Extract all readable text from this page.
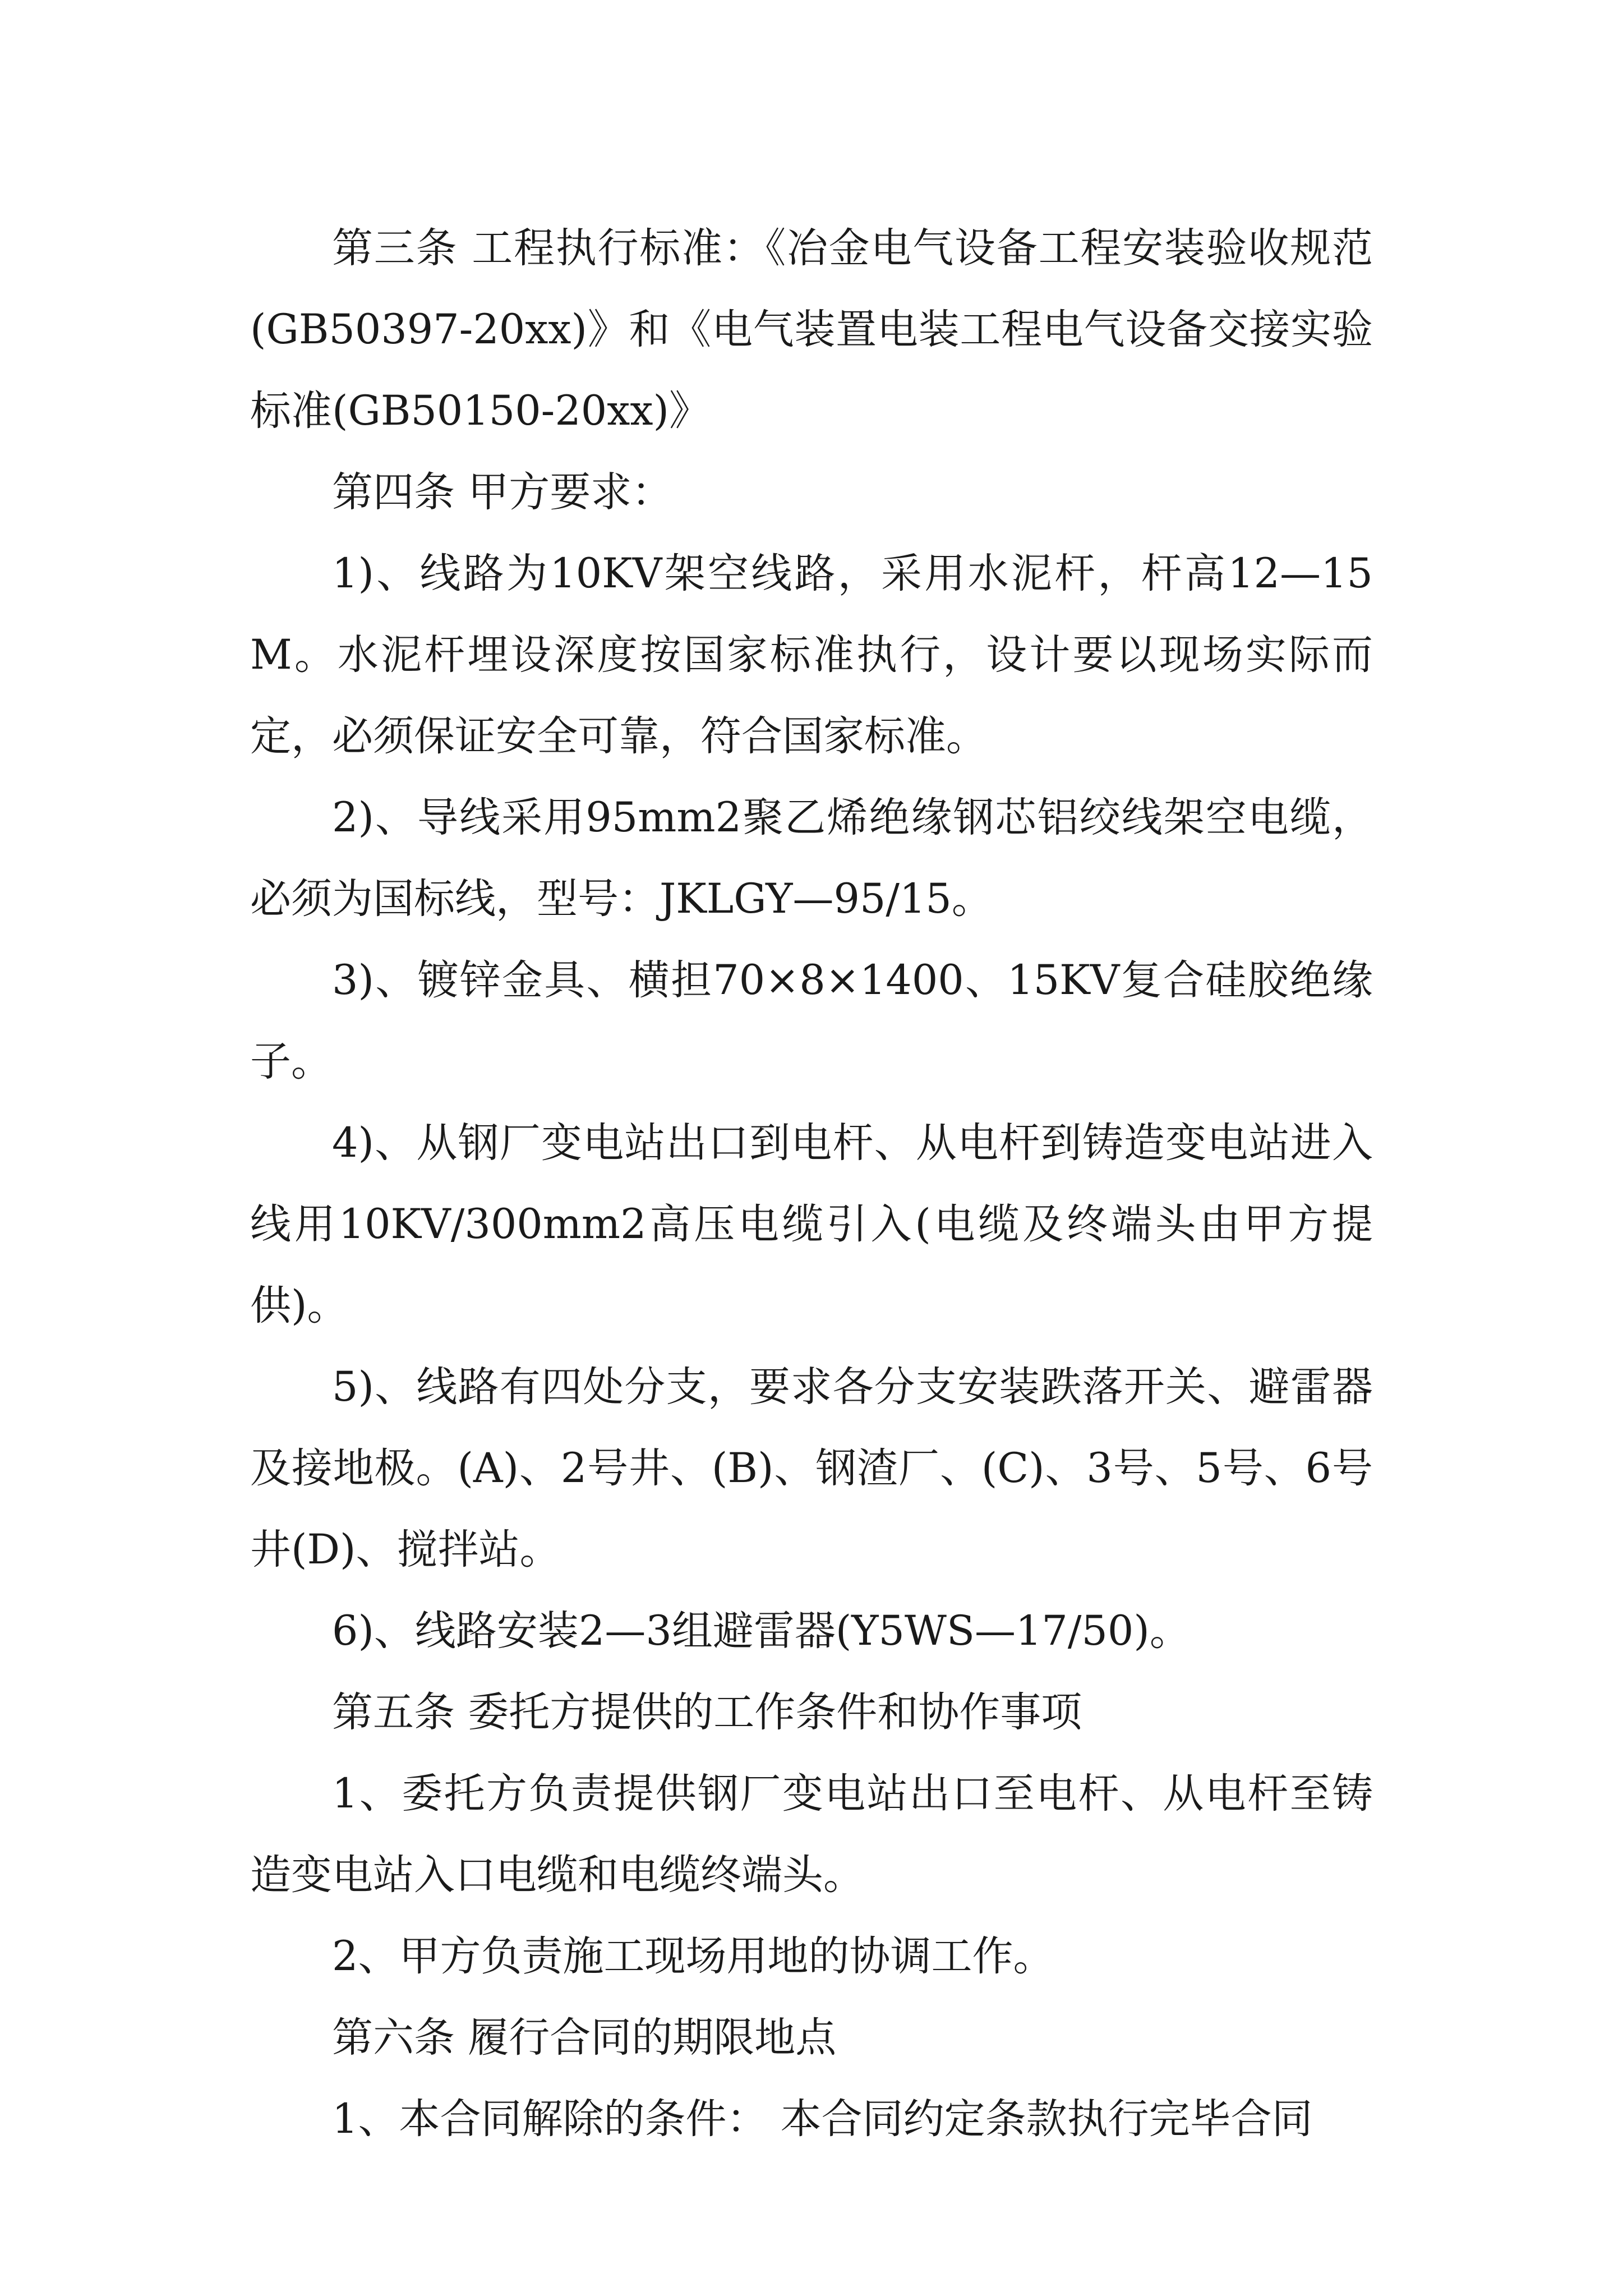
第三条 工程执行标准：《冶金电气设备工程安装验收规范(GB50397-20xx)》和《电气装置电装工程电气设备交接实验标准(GB50150-20xx)》

第四条 甲方要求：

1)、线路为10KV架空线路，采用水泥杆，杆高12—15M。水泥杆埋设深度按国家标准执行，设计要以现场实际而定，必须保证安全可靠，符合国家标准。

2)、导线采用95mm2聚乙烯绝缘钢芯铝绞线架空电缆，必须为国标线，型号：JKLGY—95/15。

3)、镀锌金具、横担70×8×1400、15KV复合硅胶绝缘子。

4)、从钢厂变电站出口到电杆、从电杆到铸造变电站进入线用10KV/300mm2高压电缆引入(电缆及终端头由甲方提供)。

5)、线路有四处分支，要求各分支安装跌落开关、避雷器及接地极。(A)、2号井、(B)、钢渣厂、(C)、3号、5号、6号井(D)、搅拌站。

6)、线路安装2—3组避雷器(Y5WS—17/50)。

第五条 委托方提供的工作条件和协作事项

1、委托方负责提供钢厂变电站出口至电杆、从电杆至铸造变电站入口电缆和电缆终端头。

2、甲方负责施工现场用地的协调工作。

第六条 履行合同的期限地点

1、本合同解除的条件： 本合同约定条款执行完毕合同
